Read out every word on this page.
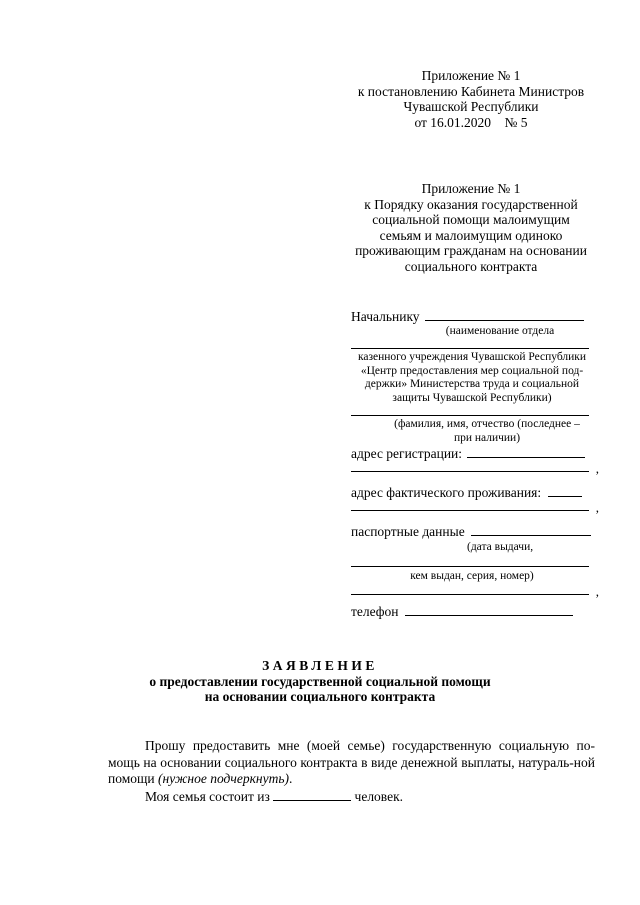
Приложение № 1
к постановлению Кабинета Министров
Чувашской Республики
от 16.01.2020    № 5
Приложение № 1
к Порядку оказания государственной
социальной помощи малоимущим
семьям и малоимущим одиноко
проживающим гражданам на основании
социального контракта
Начальнику
(наименование отдела
казенного учреждения Чувашской Республики
«Центр предоставления мер социальной под-
держки» Министерства труда и социальной
защиты Чувашской Республики)
(фамилия, имя, отчество (последнее –
при наличии)
адрес регистрации:
,
адрес фактического проживания:
,
паспортные данные
(дата выдачи,
кем выдан, серия, номер)
,
телефон
ЗАЯВЛЕНИЕ
о предоставлении государственной социальной помощи
на основании социального контракта

Прошу предоставить мне (моей семье) государственную социальную по-мощь на основании социального контракта в виде денежной выплаты, натураль-ной помощи (нужное подчеркнуть).

Моя семья состоит из	человек.
